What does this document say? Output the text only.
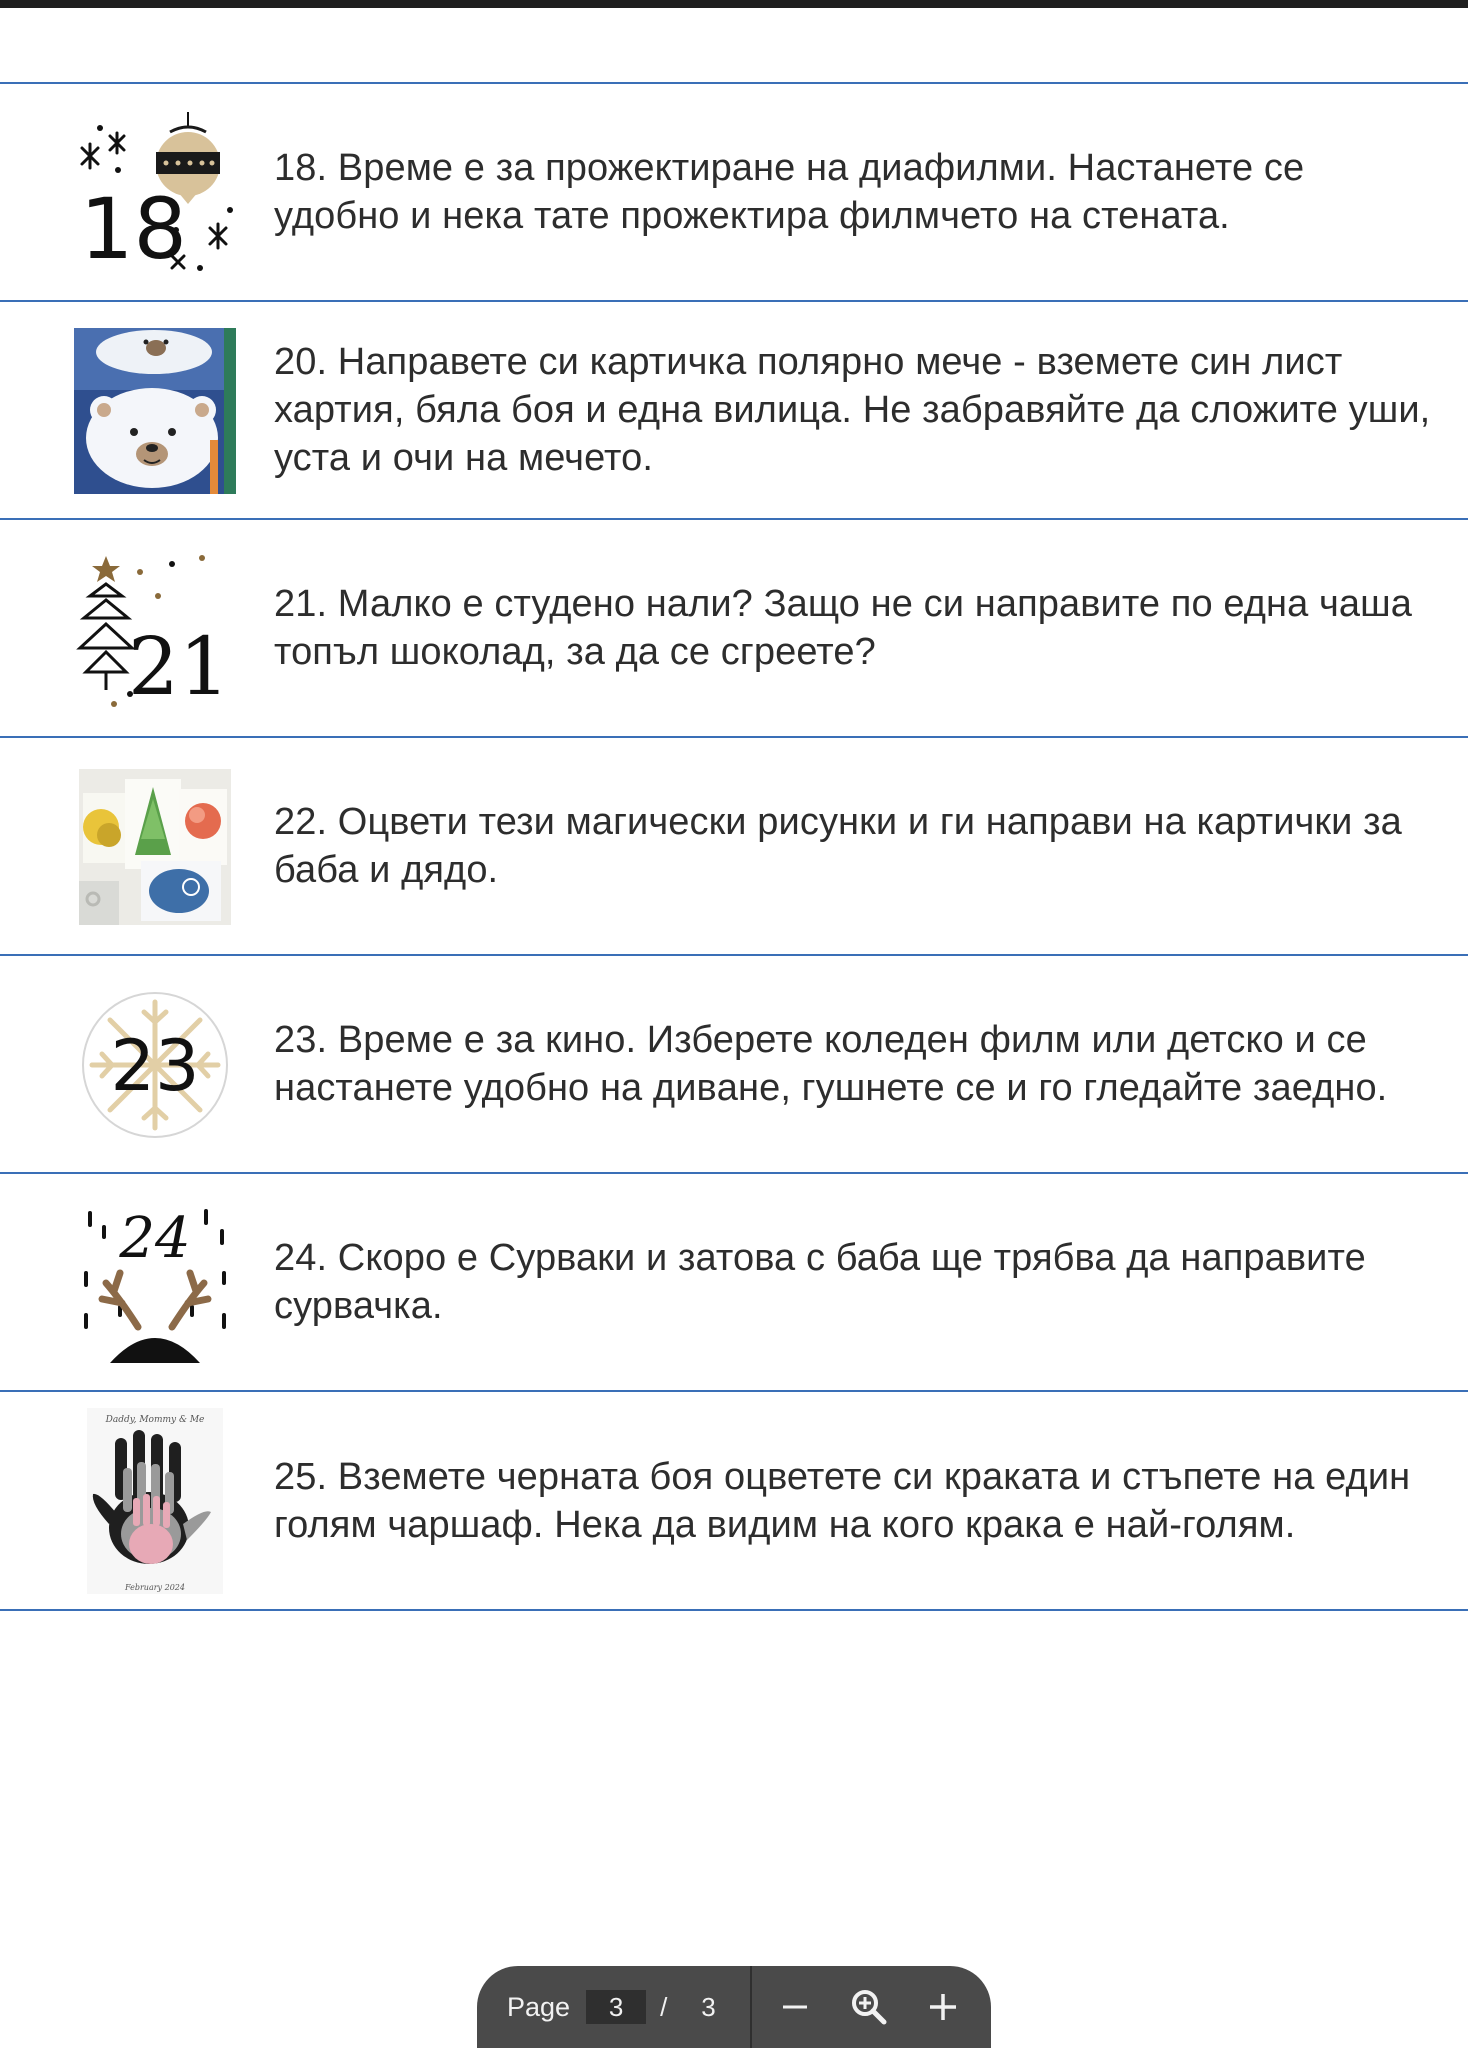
18
18. Време е за прожектиране на диафилми. Настанете се удобно и нека тате прожектира филмчето на стената.
20. Направете си картичка полярно мече - вземете син лист хартия, бяла боя и една вилица. Не забравяйте да сложите уши, уста и очи на мечето.
21
21. Малко е студено нали? Защо не си направите по една чаша топъл шоколад, за да се сгреете?
22. Оцвети тези магически рисунки и ги направи на картички за баба и дядо.
23 23. Време е за кино. Изберете коледен филм или детско и се настанете удобно на дивaне, гушнете се и го гледайте заедно.
24 24. Скоро е Сурваки и затова с баба ще трябва да направите сурвачка.
Daddy, Mommy & Me
February 2024
25. Вземете черната боя оцветете си краката и стъпете на един голям чаршаф. Нека да видим на кого крака е най-голям.
Page
3	/ 3
